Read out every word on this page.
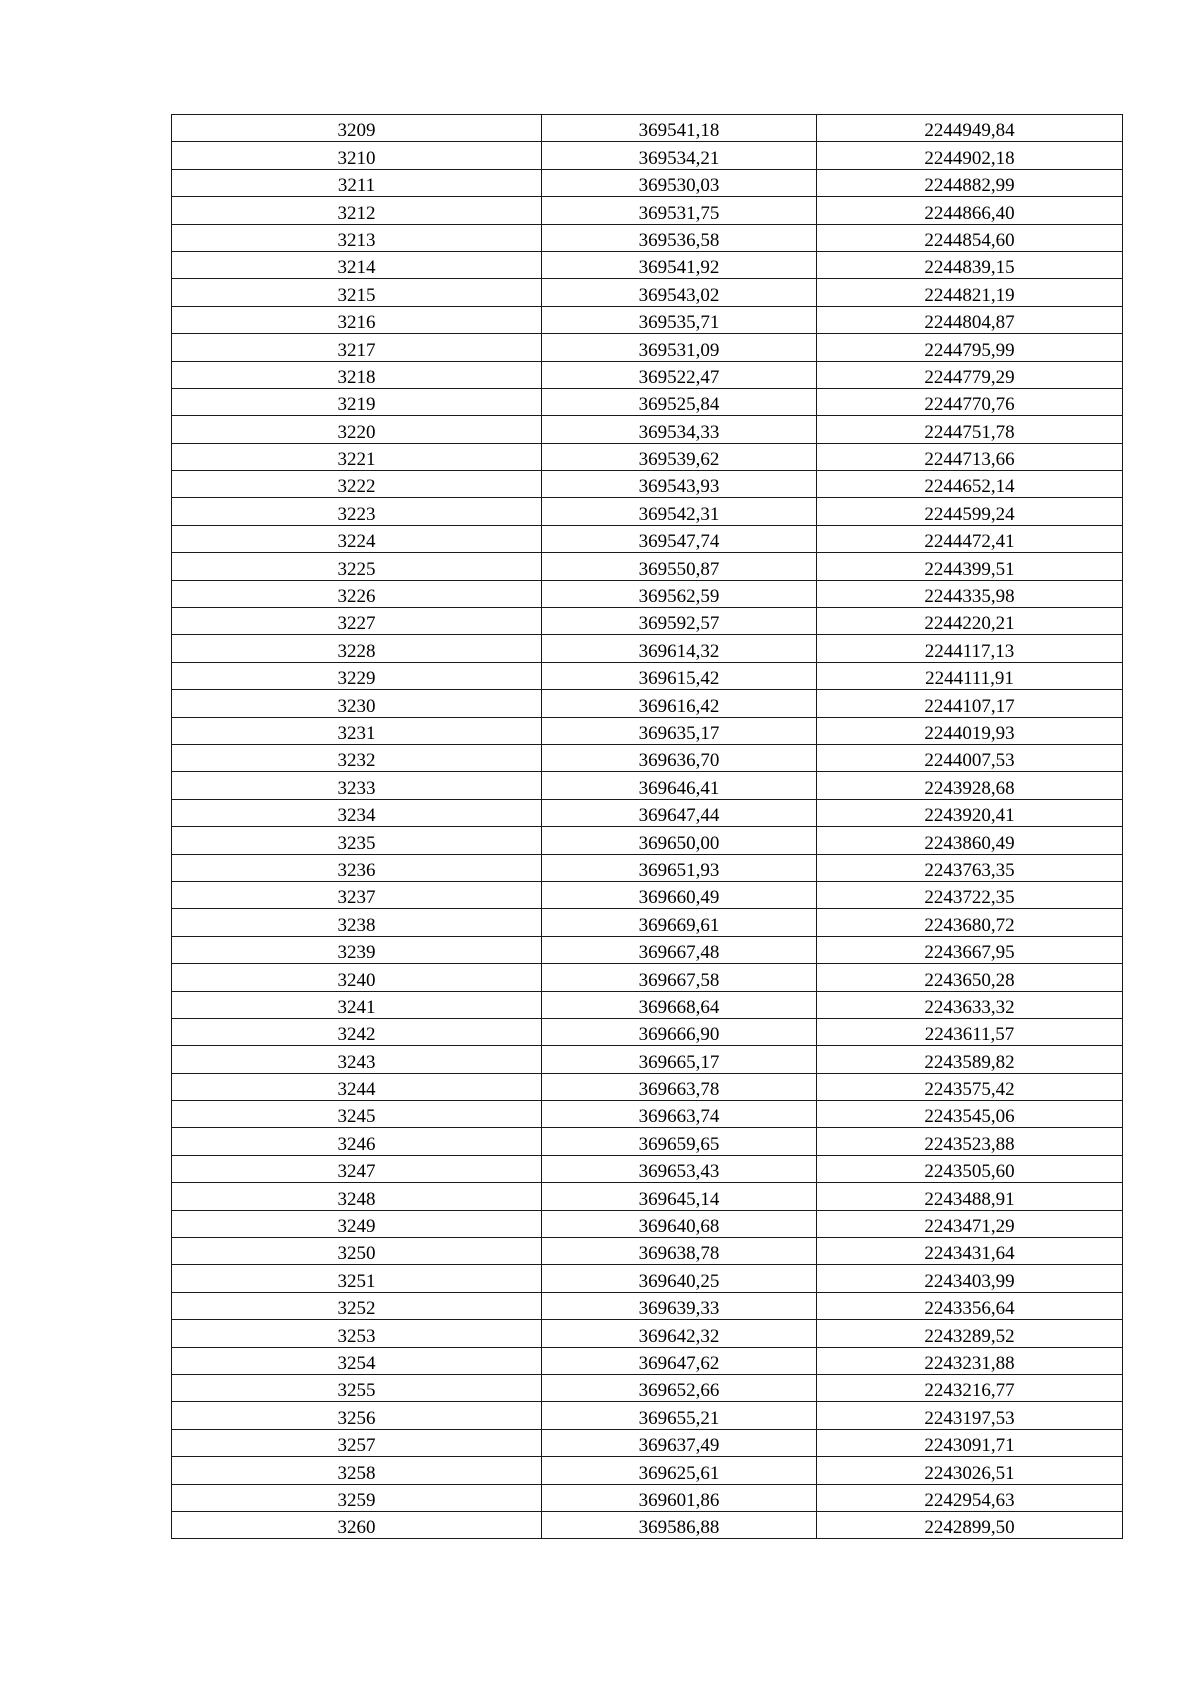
3209	369541,18	2244949,84
3210	369534,21	2244902,18
3211	369530,03	2244882,99
3212	369531,75	2244866,40
3213	369536,58	2244854,60
3214	369541,92	2244839,15
3215	369543,02	2244821,19
3216	369535,71	2244804,87
3217	369531,09	2244795,99
3218	369522,47	2244779,29
3219	369525,84	2244770,76
3220	369534,33	2244751,78
3221	369539,62	2244713,66
3222	369543,93	2244652,14
3223	369542,31	2244599,24
3224	369547,74	2244472,41
3225	369550,87	2244399,51
3226	369562,59	2244335,98
3227	369592,57	2244220,21
3228	369614,32	2244117,13
3229	369615,42	2244111,91
3230	369616,42	2244107,17
3231	369635,17	2244019,93
3232	369636,70	2244007,53
3233	369646,41	2243928,68
3234	369647,44	2243920,41
3235	369650,00	2243860,49
3236	369651,93	2243763,35
3237	369660,49	2243722,35
3238	369669,61	2243680,72
3239	369667,48	2243667,95
3240	369667,58	2243650,28
3241	369668,64	2243633,32
3242	369666,90	2243611,57
3243	369665,17	2243589,82
3244	369663,78	2243575,42
3245	369663,74	2243545,06
3246	369659,65	2243523,88
3247	369653,43	2243505,60
3248	369645,14	2243488,91
3249	369640,68	2243471,29
3250	369638,78	2243431,64
3251	369640,25	2243403,99
3252	369639,33	2243356,64
3253	369642,32	2243289,52
3254	369647,62	2243231,88
3255	369652,66	2243216,77
3256	369655,21	2243197,53
3257	369637,49	2243091,71
3258	369625,61	2243026,51
3259	369601,86	2242954,63
3260	369586,88	2242899,50
